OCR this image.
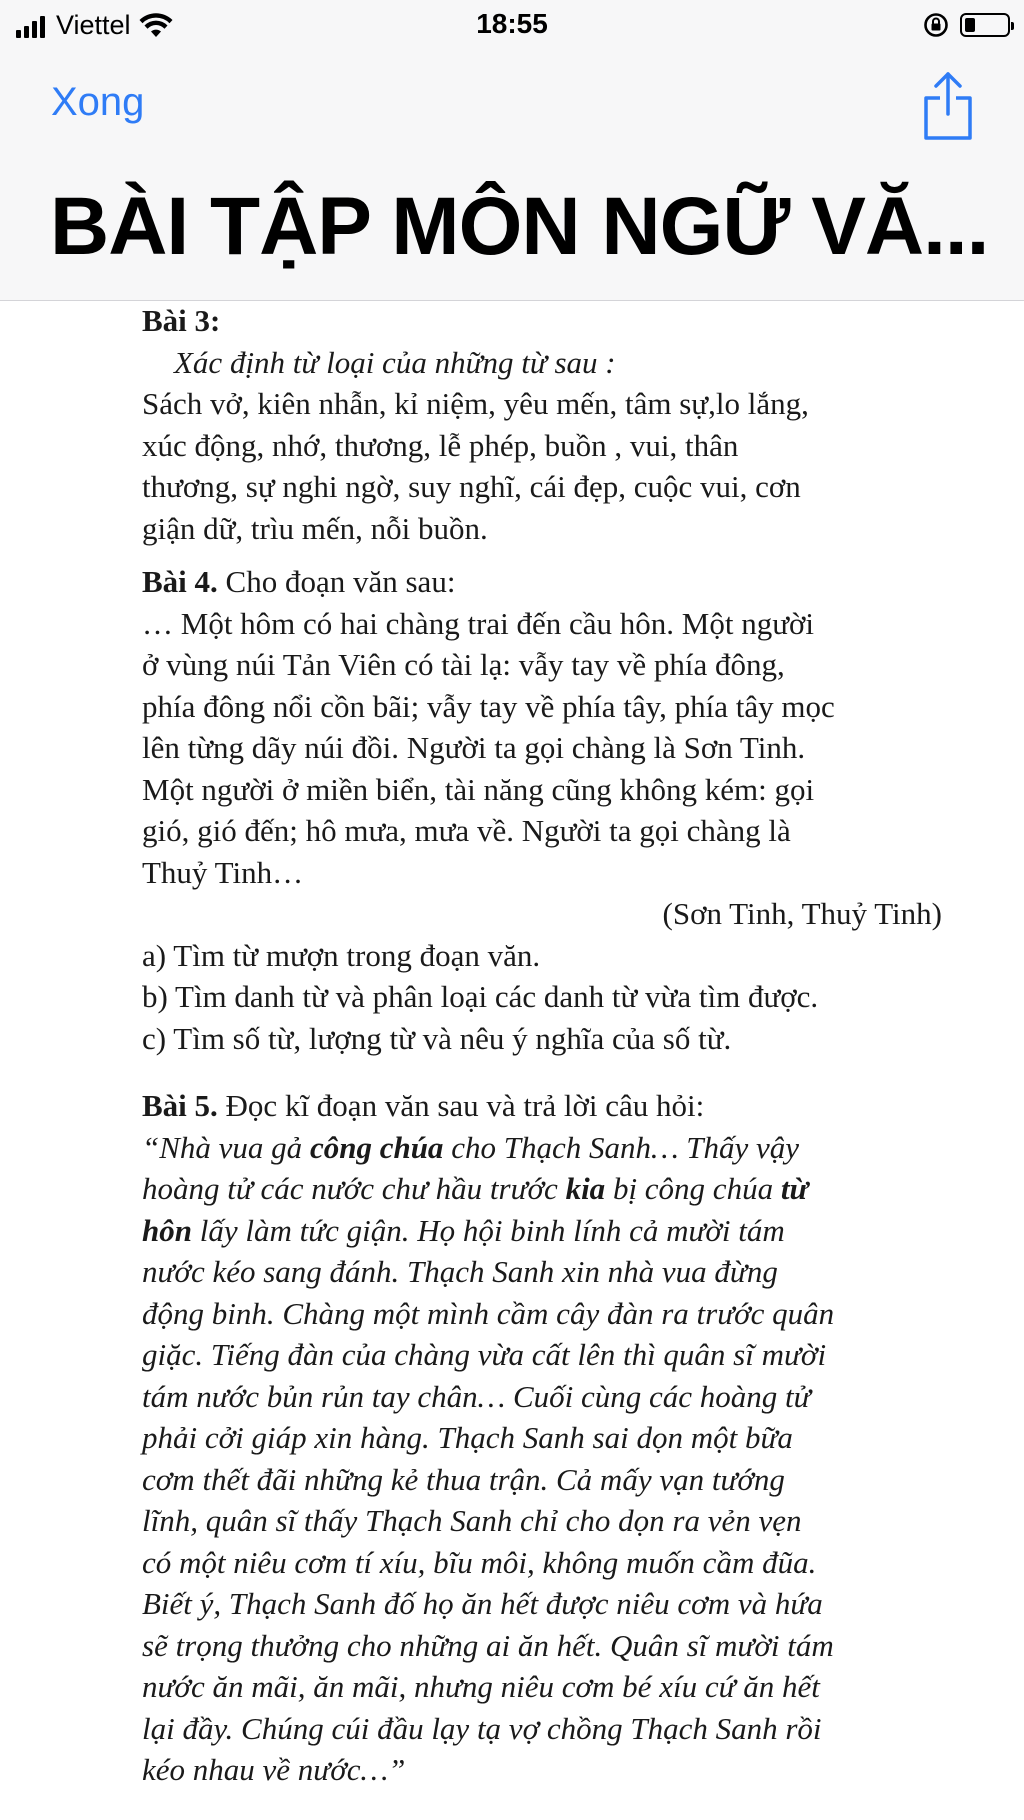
Viettel	18:55
Xong
BÀI TẬP MÔN NGỮ VĂ...

Bài 3:

Xác định từ loại của những từ sau :

Sách vở, kiên nhẫn, kỉ niệm, yêu mến, tâm sự,lo lắng,

xúc động, nhớ, thương, lễ phép, buồn , vui, thân

thương, sự nghi ngờ, suy nghĩ, cái đẹp, cuộc vui, cơn

giận dữ, trìu mến, nỗi buồn.

Bài 4. Cho đoạn văn sau:

… Một hôm có hai chàng trai đến cầu hôn. Một người

ở vùng núi Tản Viên có tài lạ: vẫy tay về phía đông,

phía đông nổi cồn bãi; vẫy tay về phía tây, phía tây mọc

lên từng dãy núi đồi. Người ta gọi chàng là Sơn Tinh.

Một người ở miền biển, tài năng cũng không kém: gọi

gió, gió đến; hô mưa, mưa về. Người ta gọi chàng là

Thuỷ Tinh…

(Sơn Tinh, Thuỷ Tinh)

a) Tìm từ mượn trong đoạn văn.

b) Tìm danh từ và phân loại các danh từ vừa tìm được.

c) Tìm số từ, lượng từ và nêu ý nghĩa của số từ.

Bài 5. Đọc kĩ đoạn văn sau và trả lời câu hỏi:

“Nhà vua gả công chúa cho Thạch Sanh… Thấy vậy

hoàng tử các nước chư hầu trước kia bị công chúa từ

hôn lấy làm tức giận. Họ hội binh lính cả mười tám

nước kéo sang đánh. Thạch Sanh xin nhà vua đừng

động binh. Chàng một mình cầm cây đàn ra trước quân

giặc. Tiếng đàn của chàng vừa cất lên thì quân sĩ mười

tám nước bủn rủn tay chân… Cuối cùng các hoàng tử

phải cởi giáp xin hàng. Thạch Sanh sai dọn một bữa

cơm thết đãi những kẻ thua trận. Cả mấy vạn tướng

lĩnh, quân sĩ thấy Thạch Sanh chỉ cho dọn ra vẻn vẹn

có một niêu cơm tí xíu, bĩu môi, không muốn cầm đũa.

Biết ý, Thạch Sanh đố họ ăn hết được niêu cơm và hứa

sẽ trọng thưởng cho những ai ăn hết. Quân sĩ mười tám

nước ăn mãi, ăn mãi, nhưng niêu cơm bé xíu cứ ăn hết

lại đầy. Chúng cúi đầu lạy tạ vợ chồng Thạch Sanh rồi

kéo nhau về nước…”
